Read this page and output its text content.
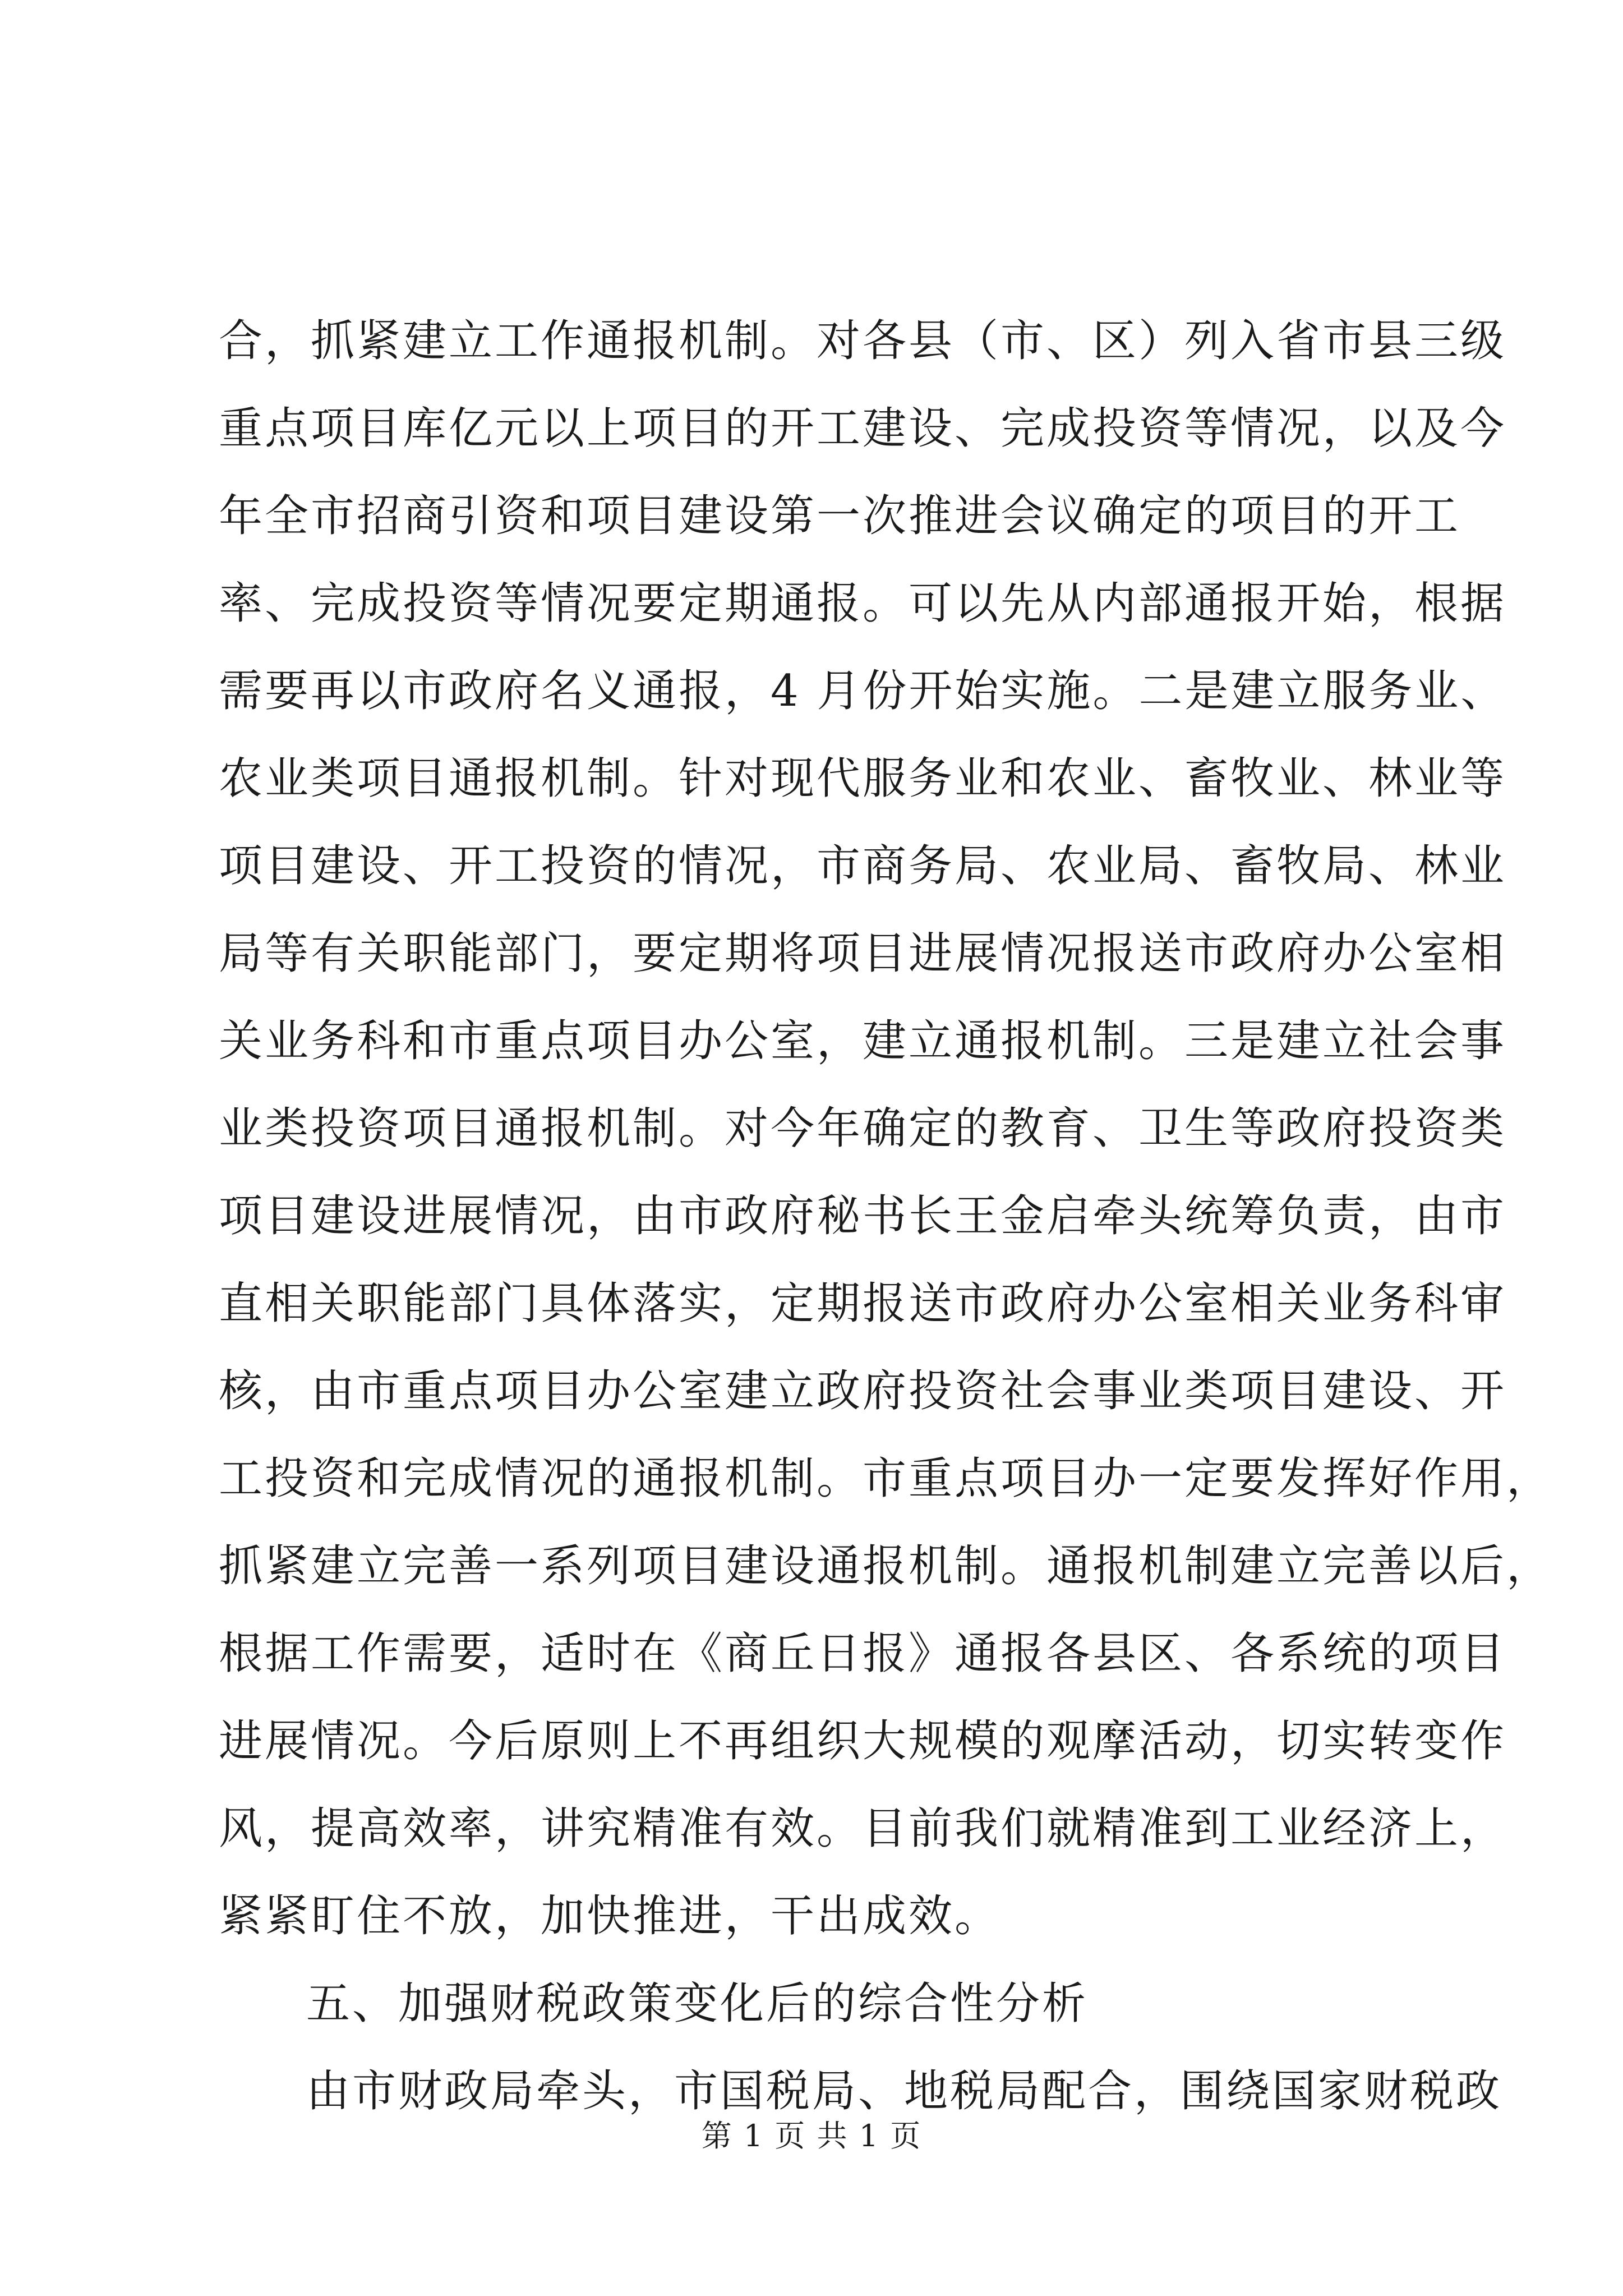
合，抓紧建立工作通报机制。对各县（市、区）列入省市县三级
重点项目库亿元以上项目的开工建设、完成投资等情况，以及今
年全市招商引资和项目建设第一次推进会议确定的项目的开工
率、完成投资等情况要定期通报。可以先从内部通报开始，根据
需要再以市政府名义通报，4 月份开始实施。二是建立服务业、
农业类项目通报机制。针对现代服务业和农业、畜牧业、林业等
项目建设、开工投资的情况，市商务局、农业局、畜牧局、林业
局等有关职能部门，要定期将项目进展情况报送市政府办公室相
关业务科和市重点项目办公室，建立通报机制。三是建立社会事
业类投资项目通报机制。对今年确定的教育、卫生等政府投资类
项目建设进展情况，由市政府秘书长王金启牵头统筹负责，由市
直相关职能部门具体落实，定期报送市政府办公室相关业务科审
核，由市重点项目办公室建立政府投资社会事业类项目建设、开
工投资和完成情况的通报机制。市重点项目办一定要发挥好作用，
抓紧建立完善一系列项目建设通报机制。通报机制建立完善以后，
根据工作需要，适时在《商丘日报》通报各县区、各系统的项目
进展情况。今后原则上不再组织大规模的观摩活动，切实转变作
风，提高效率，讲究精准有效。目前我们就精准到工业经济上，
紧紧盯住不放，加快推进，干出成效。
五、加强财税政策变化后的综合性分析
由市财政局牵头，市国税局、地税局配合，围绕国家财税政
第 1 页 共 1 页
